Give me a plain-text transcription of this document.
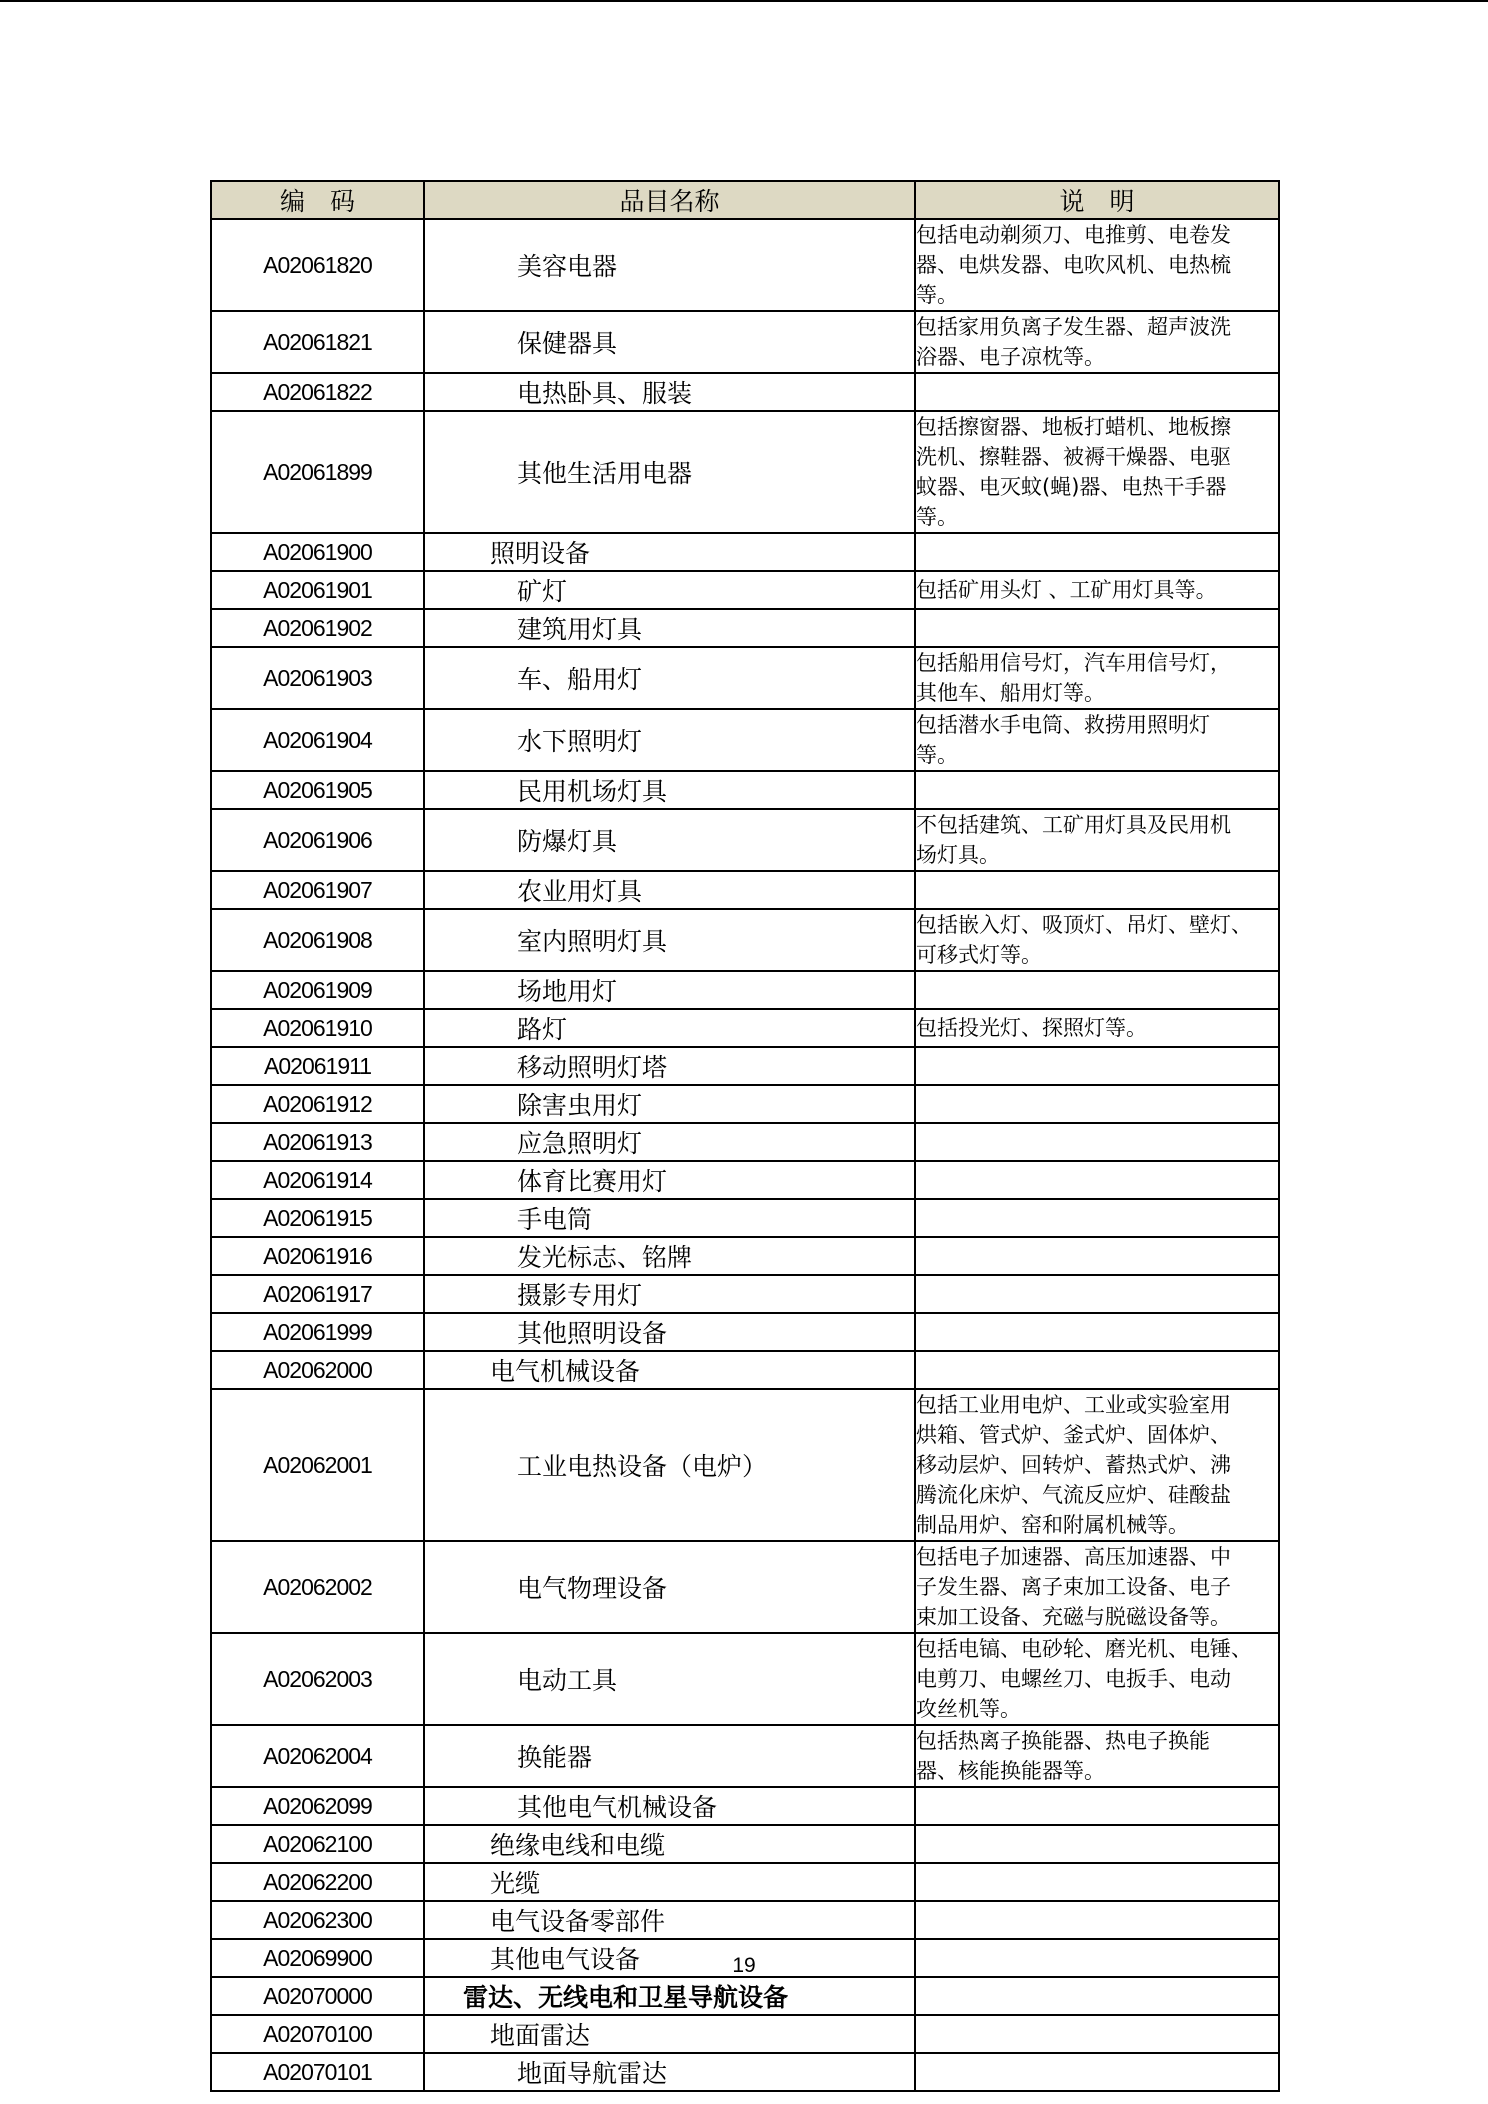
编　码	品目名称	说　明
A02061820	美容电器	包括电动剃须刀、电推剪、电卷发
器、电烘发器、电吹风机、电热梳
等。

A02061821	保健器具	包括家用负离子发生器、超声波洗
浴器、电子凉枕等。

A02061822	电热卧具、服装	
A02061899	其他生活用电器	包括擦窗器、地板打蜡机、地板擦
洗机、擦鞋器、被褥干燥器、电驱
蚊器、电灭蚊(蝇)器、电热干手器
等。

A02061900	照明设备	
A02061901	矿灯	包括矿用头灯 、工矿用灯具等。

A02061902	建筑用灯具	
A02061903	车、船用灯	包括船用信号灯，汽车用信号灯，
其他车、船用灯等。

A02061904	水下照明灯	包括潜水手电筒、救捞用照明灯
等。

A02061905	民用机场灯具	
A02061906	防爆灯具	不包括建筑、工矿用灯具及民用机
场灯具。

A02061907	农业用灯具	
A02061908	室内照明灯具	包括嵌入灯、吸顶灯、吊灯、壁灯、
可移式灯等。

A02061909	场地用灯	
A02061910	路灯	包括投光灯、探照灯等。

A02061911	移动照明灯塔	
A02061912	除害虫用灯	
A02061913	应急照明灯	
A02061914	体育比赛用灯	
A02061915	手电筒	
A02061916	发光标志、铭牌	
A02061917	摄影专用灯	
A02061999	其他照明设备	
A02062000	电气机械设备	
A02062001	工业电热设备（电炉）	包括工业用电炉、工业或实验室用
烘箱、管式炉、釜式炉、固体炉、
移动层炉、回转炉、蓄热式炉、沸
腾流化床炉、气流反应炉、硅酸盐
制品用炉、窑和附属机械等。

A02062002	电气物理设备	包括电子加速器、高压加速器、中
子发生器、离子束加工设备、电子
束加工设备、充磁与脱磁设备等。

A02062003	电动工具	包括电镐、电砂轮、磨光机、电锤、
电剪刀、电螺丝刀、电扳手、电动
攻丝机等。

A02062004	换能器	包括热离子换能器、热电子换能
器、核能换能器等。

A02062099	其他电气机械设备	
A02062100	绝缘电线和电缆	
A02062200	光缆	
A02062300	电气设备零部件	
A02069900	其他电气设备	
A02070000	雷达、无线电和卫星导航设备	
A02070100	地面雷达	
A02070101	地面导航雷达	
19
